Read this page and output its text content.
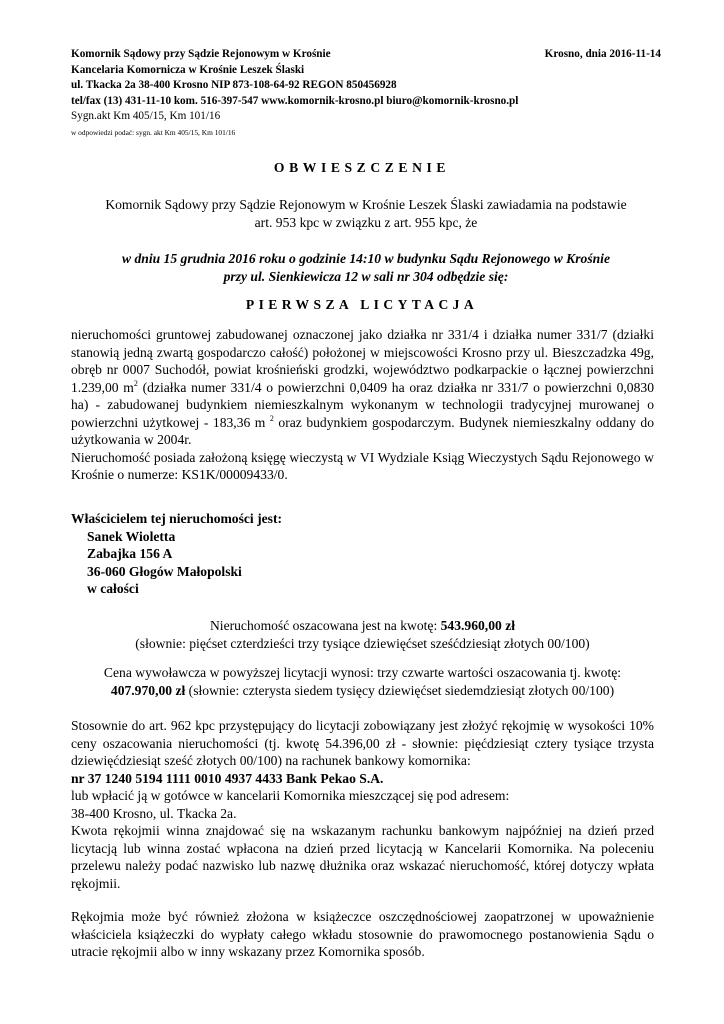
Komornik Sądowy przy Sądzie Rejonowym w Krośnie	Krosno, dnia 2016-11-14
Kancelaria Komornicza w Krośnie Leszek Ślaski
ul. Tkacka 2a 38-400 Krosno NIP 873-108-64-92 REGON 850456928
tel/fax (13) 431-11-10 kom. 516-397-547 www.komornik-krosno.pl biuro@komornik-krosno.pl
Sygn.akt Km 405/15, Km 101/16
w odpowiedzi podać: sygn. akt Km 405/15, Km 101/16
OBWIESZCZENIE
Komornik Sądowy przy Sądzie Rejonowym w Krośnie Leszek Ślaski zawiadamia na podstawie
art. 953 kpc w związku z art. 955 kpc, że
w dniu 15 grudnia 2016 roku o godzinie 14:10 w budynku Sądu Rejonowego w Krośnie
przy ul. Sienkiewicza 12 w sali nr 304 odbędzie się:
PIERWSZA LICYTACJA

nieruchomości gruntowej zabudowanej oznaczonej jako działka nr 331/4 i działka numer 331/7 (działki stanowią jedną zwartą gospodarczo całość) położonej w miejscowości Krosno przy ul. Bieszczadzka 49g, obręb nr 0007 Suchodół, powiat krośnieński grodzki, województwo podkarpackie o łącznej powierzchni 1.239,00 $m^2$ (działka numer 331/4 o powierzchni 0,0409 ha oraz działka nr 331/7 o powierzchni 0,0830 ha) - zabudowanej budynkiem niemieszkalnym wykonanym w technologii tradycyjnej murowanej o powierzchni użytkowej - 183,36 m $^2$ oraz budynkiem gospodarczym. Budynek niemieszkalny oddany do użytkowania w 2004r.

Nieruchomość posiada założoną księgę wieczystą w VI Wydziale Ksiąg Wieczystych Sądu Rejonowego w Krośnie o numerze: KS1K/00009433/0.

Właścicielem tej nieruchomości jest:
Sanek Wioletta
Zabajka 156 A
36-060 Głogów Małopolski
w całości
Nieruchomość oszacowana jest na kwotę: 543.960,00 zł
(słownie: pięćset czterdzieści trzy tysiące dziewięćset sześćdziesiąt złotych 00/100)
Cena wywoławcza w powyższej licytacji wynosi: trzy czwarte wartości oszacowania tj. kwotę:
407.970,00 zł (słownie: czterysta siedem tysięcy dziewięćset siedemdziesiąt złotych 00/100)

Stosownie do art. 962 kpc przystępujący do licytacji zobowiązany jest złożyć rękojmię w wysokości 10% ceny oszacowania nieruchomości (tj. kwotę 54.396,00 zł - słownie: pięćdziesiąt cztery tysiące trzysta dziewięćdziesiąt sześć złotych 00/100) na rachunek bankowy komornika:

nr 37 1240 5194 1111 0010 4937 4433 Bank Pekao S.A.

lub wpłacić ją w gotówce w kancelarii Komornika mieszczącej się pod adresem:

38-400 Krosno, ul. Tkacka 2a.

Kwota rękojmii winna znajdować się na wskazanym rachunku bankowym najpóźniej na dzień przed licytacją lub winna zostać wpłacona na dzień przed licytacją w Kancelarii Komornika. Na poleceniu przelewu należy podać nazwisko lub nazwę dłużnika oraz wskazać nieruchomość, której dotyczy wpłata rękojmii.

Rękojmia może być również złożona w książeczce oszczędnościowej zaopatrzonej w upoważnienie właściciela książeczki do wypłaty całego wkładu stosownie do prawomocnego postanowienia Sądu o utracie rękojmii albo w inny wskazany przez Komornika sposób.
